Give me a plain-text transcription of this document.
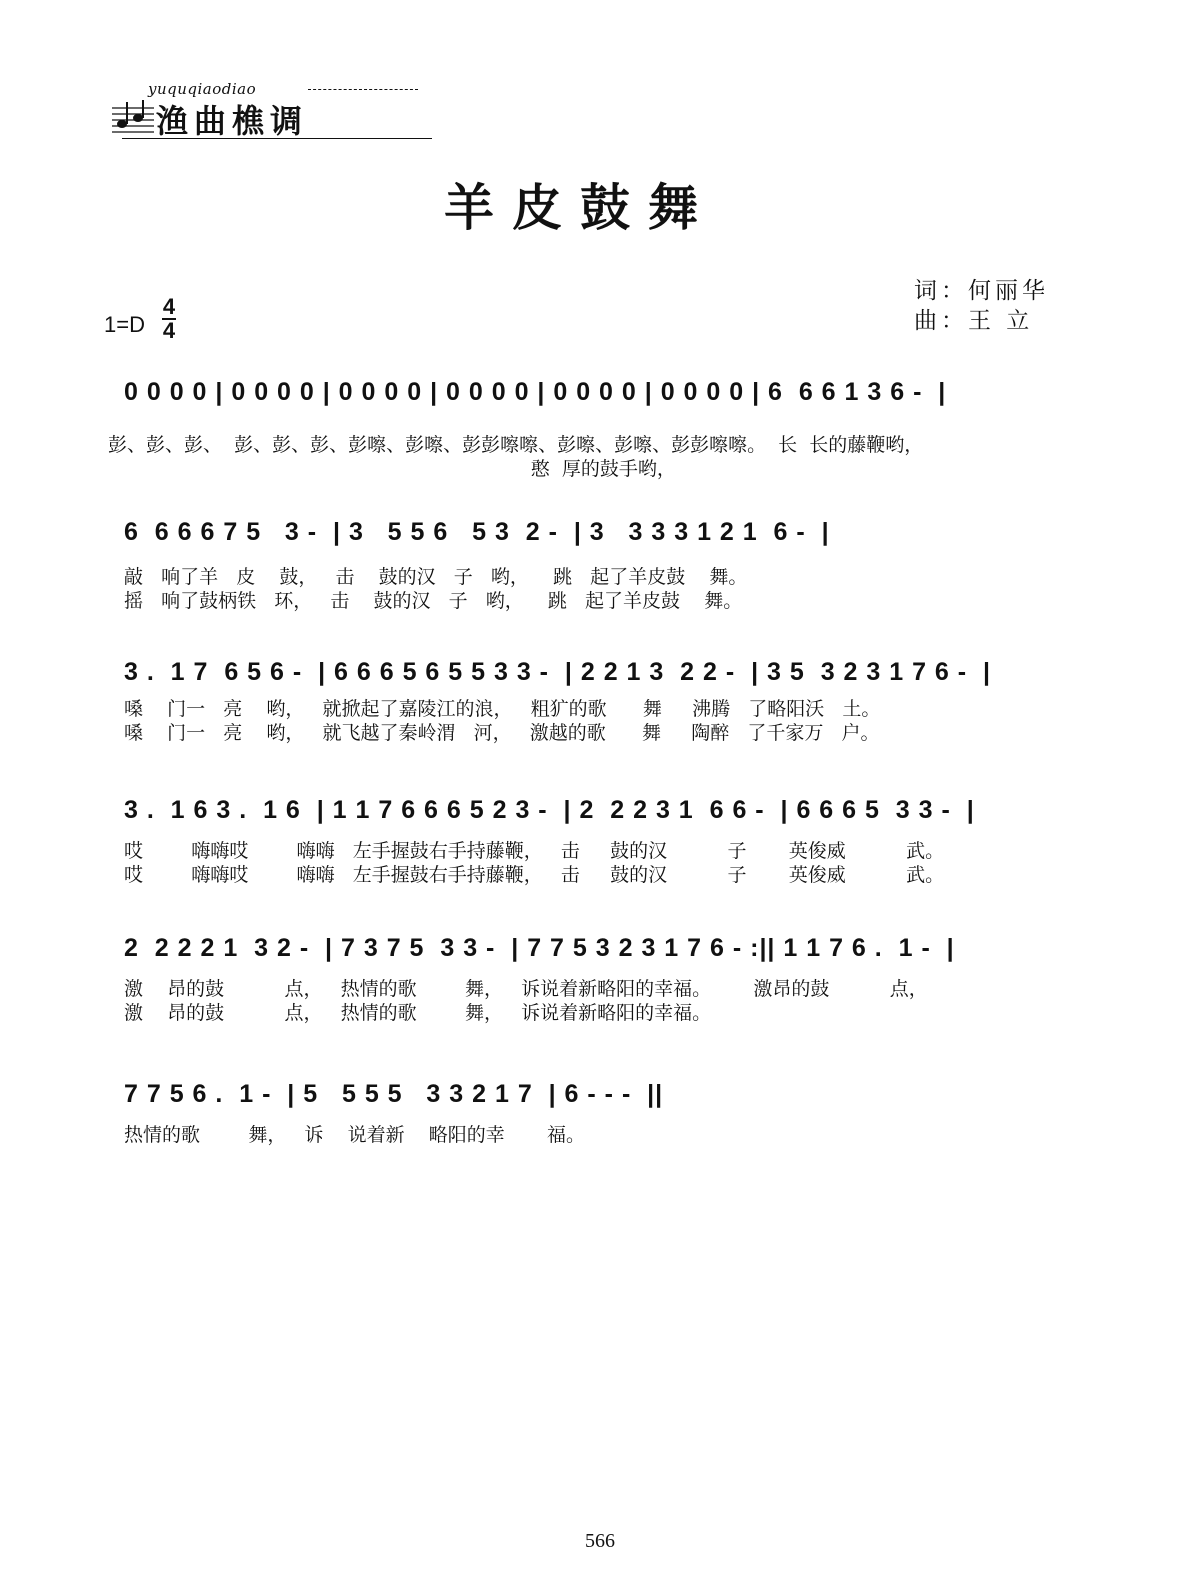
yuquqiaodiao
渔曲樵调
羊皮鼓舞
词：何丽华
曲：王 立
1=D
4
4
0 0 0 0 | 0 0 0 0 | 0 0 0 0 | 0 0 0 0 | 0 0 0 0 | 0 0 0 0 | 6  6 6 1 3 6 -  |
彭、彭、彭、  彭、彭、彭、彭嚓、彭嚓、彭彭嚓嚓、彭嚓、彭嚓、彭彭嚓嚓。  长  长的藤鞭哟，
憨  厚的鼓手哟，
6  6 6 6 7 5   3 -  | 3   5 5 6   5 3  2 -  | 3   3 3 3 1 2 1  6 -  |
敲   响了羊   皮    鼓，   击    鼓的汉   子   哟，    跳   起了羊皮鼓    舞。
摇   响了鼓柄铁   环，   击    鼓的汉   子   哟，    跳   起了羊皮鼓    舞。
3 .  1 7  6 5 6 -  | 6 6 6 5 6 5 5 3 3 -  | 2 2 1 3  2 2 -  | 3 5  3 2 3 1 7 6 -  |
嗓    门一   亮    哟，   就掀起了嘉陵江的浪，   粗犷的歌      舞     沸腾   了略阳沃   土。
嗓    门一   亮    哟，   就飞越了秦岭渭   河，   激越的歌      舞     陶醉   了千家万   户。
3 .  1 6 3 .  1 6  | 1 1 7 6 6 6 5 2 3 -  | 2  2 2 3 1  6 6 -  | 6 6 6 5  3 3 -  |
哎        嗨嗨哎        嗨嗨   左手握鼓右手持藤鞭，   击     鼓的汉          子       英俊威          武。
哎        嗨嗨哎        嗨嗨   左手握鼓右手持藤鞭，   击     鼓的汉          子       英俊威          武。
2  2 2 2 1  3 2 -  | 7 3 7 5  3 3 -  | 7 7 5 3 2 3 1 7 6 - :|| 1 1 7 6 .  1 -  |
激    昂的鼓          点，   热情的歌        舞，   诉说着新略阳的幸福。       激昂的鼓          点，
激    昂的鼓          点，   热情的歌        舞，   诉说着新略阳的幸福。
7 7 5 6 .  1 -  | 5   5 5 5   3 3 2 1 7  | 6 - - -  ||
热情的歌        舞，   诉    说着新    略阳的幸       福。
566
